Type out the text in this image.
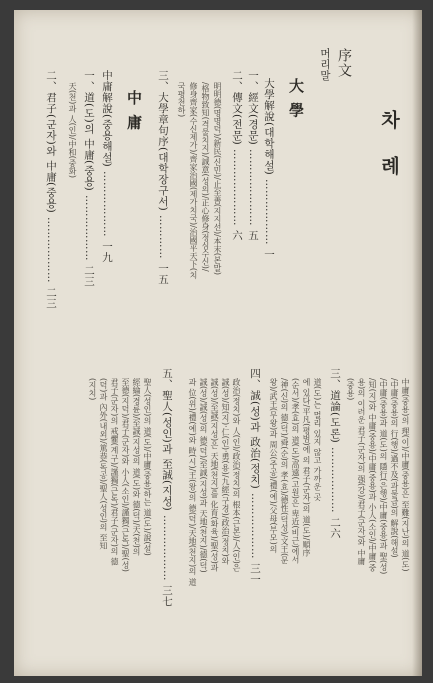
차 례
序文
머리말
大 學
大學解說(대학해설) ……………… 一
一、經文(경문) ………………… 五
二、傳文(전문) ………………… 六
明明德(명명덕)/新民(신민)/止至善(지지선)/本末(본말)
/格物致知(격물치지)/誠意(성의)/正心修身(정심수신)/
修身齊家(수신제가)/齊家治國(제가치국)/治國平天下(치
국평천하)
三、大學章句序(대학장구서) ………… 一五
中 庸
中庸解說(중용해설) ……………… 一九
一、道(도)의 中庸(중용) ……………… 二三
天(천)과 人(인)/中和(중화)
二、君子(군자)와 中庸(중용) ……………… 二三
三、道論(도론) ……………… 二六	中庸(중용)의 理(이)/中庸(중용)은 至難(지난)의 道(도)
/中庸(중용)의 行(행)/過不及(과불급)의 解說(해설)
/中庸(중용)과 道(도)의 隱行(은행)/中庸(중용)과 聖(성)
/知(지)와 中庸(중용)/中庸(중용)과 小人(소인)/中庸(중
용)의 이러운 君子(군자)의 强(강)/君子(군자)와 中庸
(중용)
道(도)는 멀리 있지 않고 가까운 곳
에 있다/平凡(평범)에 의 君子(군자)의 道(도)/順序
(순서)/孝(효)의 道(도)/高遠(고원)은 卑近(비근)에서
/神(신)의 德(덕)/舜(순)의 孝(효)/德性(덕성)/文王(문
왕)/武王(무왕)과 周公(주공)/禮(예)/父母(부모)의
四、誠(성)과 政治(정치) ……………… 三一
政治(정치)와 人(인)/政治(정치)의 根本(근본)/人(인)은
誠(성)/知(지)·仁(인)·勇(용)/九經(구경)/政治(정치)와
誠(성)/至誠(지성)은 天地(천지)를 化育(화육)/聖(성)과
誠(성)/誠(성)의 德(덕)/至誠(지성)과 天地(천지)/德(덕)
과 位(위)/禮(예)와 時(시)/王(왕)의 德(덕)/天地(천지)의 道
五、聖人(성인)과 至誠(지성) ……………… 三七
聖人(성인)의 道(도)/中庸(중용)하는 道(도)/說(설)
經綸(경륜)/至誠(지성)의 道(도)와 德(덕)/天(천)의
至德(지덕)/君子(군자)와 小人(소인)/謹獨(근독)/聖(성)
君子(군자)의 戒懼(계구)/謹獨(근독)/君子(군자)의 德
(덕)과 內外(내외)/篤恭(독공)/聖人(성인)의 至知
(지치)
